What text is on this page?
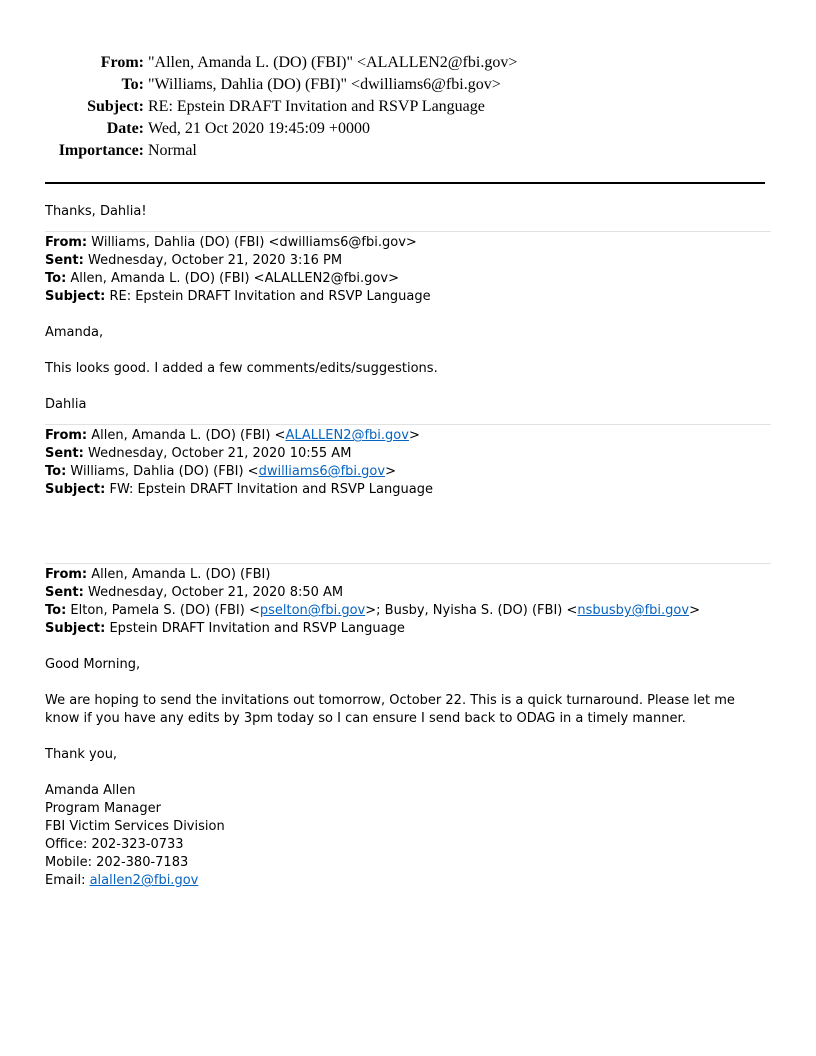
From: "Allen, Amanda L. (DO) (FBI)" <ALALLEN2@fbi.gov>
To: "Williams, Dahlia (DO) (FBI)" <dwilliams6@fbi.gov>
Subject: RE: Epstein DRAFT Invitation and RSVP Language
Date: Wed, 21 Oct 2020 19:45:09 +0000
Importance: Normal
Thanks, Dahlia!
From: Williams, Dahlia (DO) (FBI) <dwilliams6@fbi.gov>
Sent: Wednesday, October 21, 2020 3:16 PM
To: Allen, Amanda L. (DO) (FBI) <ALALLEN2@fbi.gov>
Subject: RE: Epstein DRAFT Invitation and RSVP Language
Amanda,
This looks good. I added a few comments/edits/suggestions.
Dahlia
From: Allen, Amanda L. (DO) (FBI) <ALALLEN2@fbi.gov>
Sent: Wednesday, October 21, 2020 10:55 AM
To: Williams, Dahlia (DO) (FBI) <dwilliams6@fbi.gov>
Subject: FW: Epstein DRAFT Invitation and RSVP Language
From: Allen, Amanda L. (DO) (FBI)
Sent: Wednesday, October 21, 2020 8:50 AM
To: Elton, Pamela S. (DO) (FBI) <pselton@fbi.gov>; Busby, Nyisha S. (DO) (FBI) <nsbusby@fbi.gov>
Subject: Epstein DRAFT Invitation and RSVP Language
Good Morning,
We are hoping to send the invitations out tomorrow, October 22. This is a quick turnaround. Please let me know if you have any edits by 3pm today so I can ensure I send back to ODAG in a timely manner.
Thank you,
Amanda Allen
Program Manager
FBI Victim Services Division
Office: 202-323-0733
Mobile: 202-380-7183
Email: alallen2@fbi.gov
